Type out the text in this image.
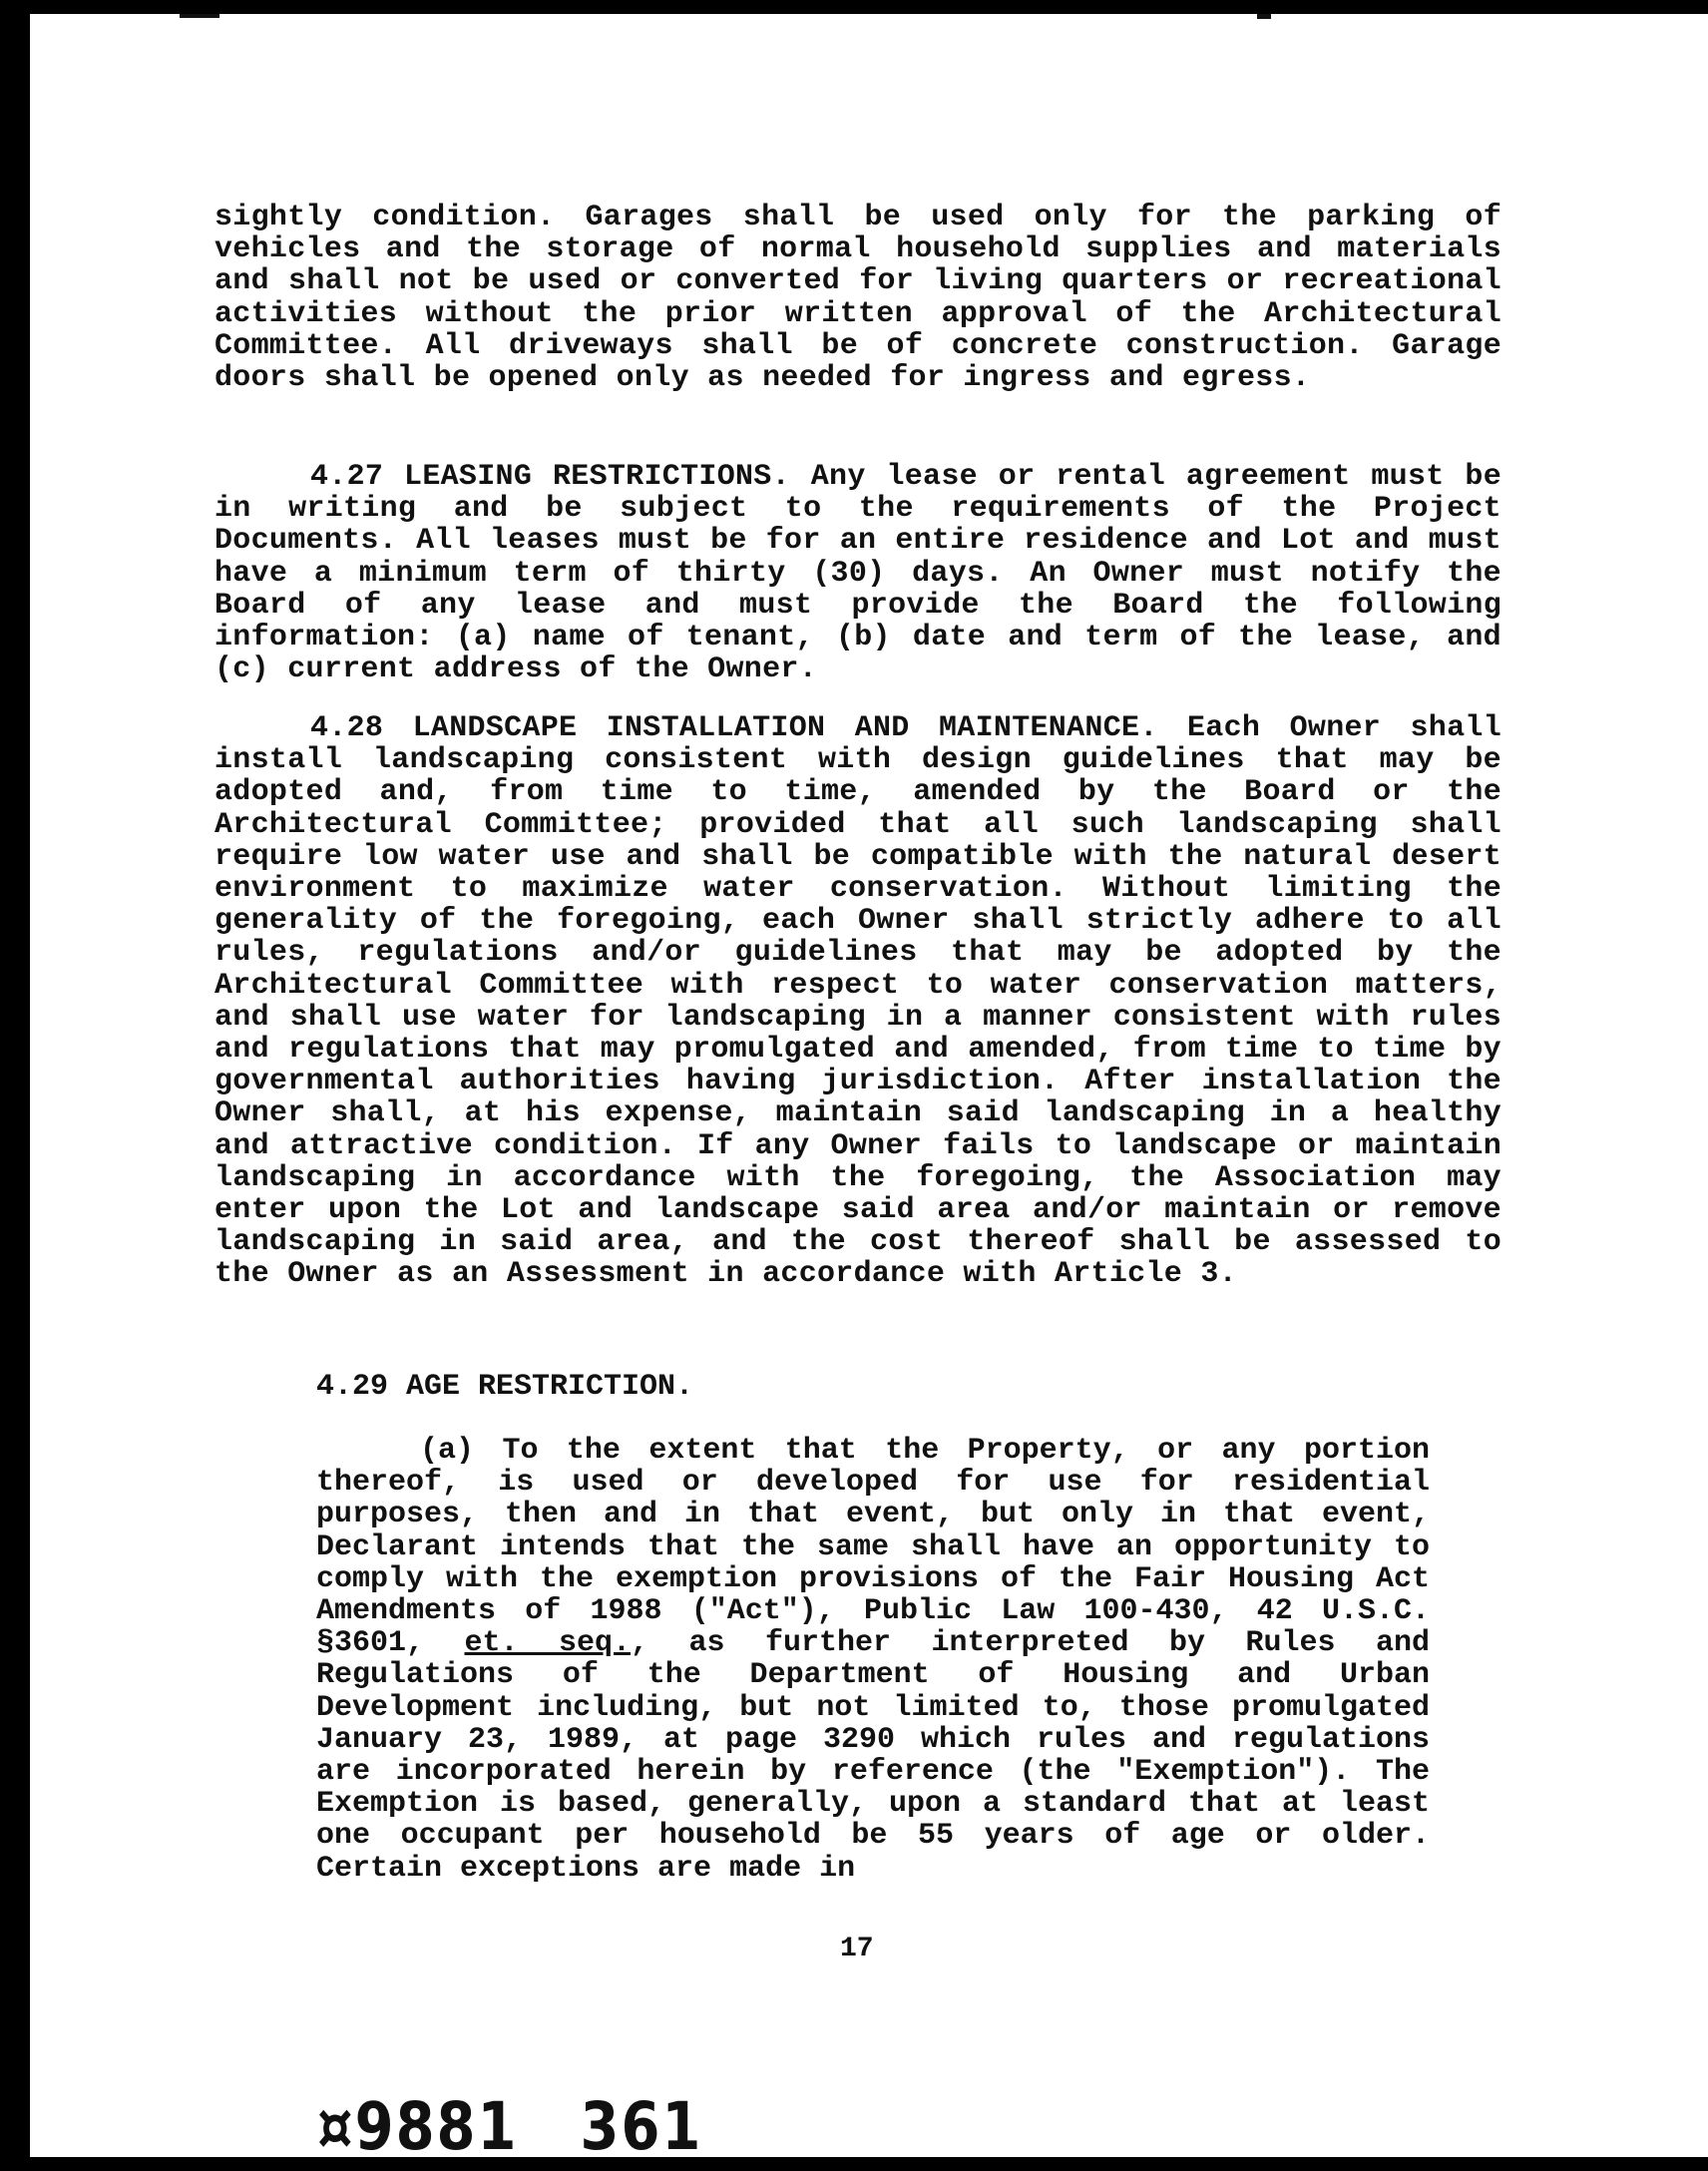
sightly condition. Garages shall be used only for the parking of vehicles and the storage of normal household supplies and materials and shall not be used or converted for living quarters or recreational activities without the prior written approval of the Architectural Committee. All driveways shall be of concrete construction. Garage doors shall be opened only as needed for ingress and egress.

4.27 LEASING RESTRICTIONS. Any lease or rental agreement must be in writing and be subject to the requirements of the Project Documents. All leases must be for an entire residence and Lot and must have a minimum term of thirty (30) days. An Owner must notify the Board of any lease and must provide the Board the following information: (a) name of tenant, (b) date and term of the lease, and (c) current address of the Owner.

4.28 LANDSCAPE INSTALLATION AND MAINTENANCE. Each Owner shall install landscaping consistent with design guidelines that may be adopted and, from time to time, amended by the Board or the Architectural Committee; provided that all such landscaping shall require low water use and shall be compatible with the natural desert environment to maximize water conservation. Without limiting the generality of the foregoing, each Owner shall strictly adhere to all rules, regulations and/or guidelines that may be adopted by the Architectural Committee with respect to water conservation matters, and shall use water for landscaping in a manner consistent with rules and regulations that may promulgated and amended, from time to time by governmental authorities having jurisdiction. After installation the Owner shall, at his expense, maintain said landscaping in a healthy and attractive condition. If any Owner fails to landscape or maintain landscaping in accordance with the foregoing, the Association may enter upon the Lot and landscape said area and/or maintain or remove landscaping in said area, and the cost thereof shall be assessed to the Owner as an Assessment in accordance with Article 3.

4.29 AGE RESTRICTION.

(a) To the extent that the Property, or any portion thereof, is used or developed for use for residential purposes, then and in that event, but only in that event, Declarant intends that the same shall have an opportunity to comply with the exemption provisions of the Fair Housing Act Amendments of 1988 ("Act"), Public Law 100-430, 42 U.S.C. §3601, et. seq., as further interpreted by Rules and Regulations of the Department of Housing and Urban Development including, but not limited to, those promulgated January 23, 1989, at page 3290 which rules and regulations are incorporated herein by reference (the "Exemption"). The Exemption is based, generally, upon a standard that at least one occupant per household be 55 years of age or older. Certain exceptions are made in

17

¤9881 361
